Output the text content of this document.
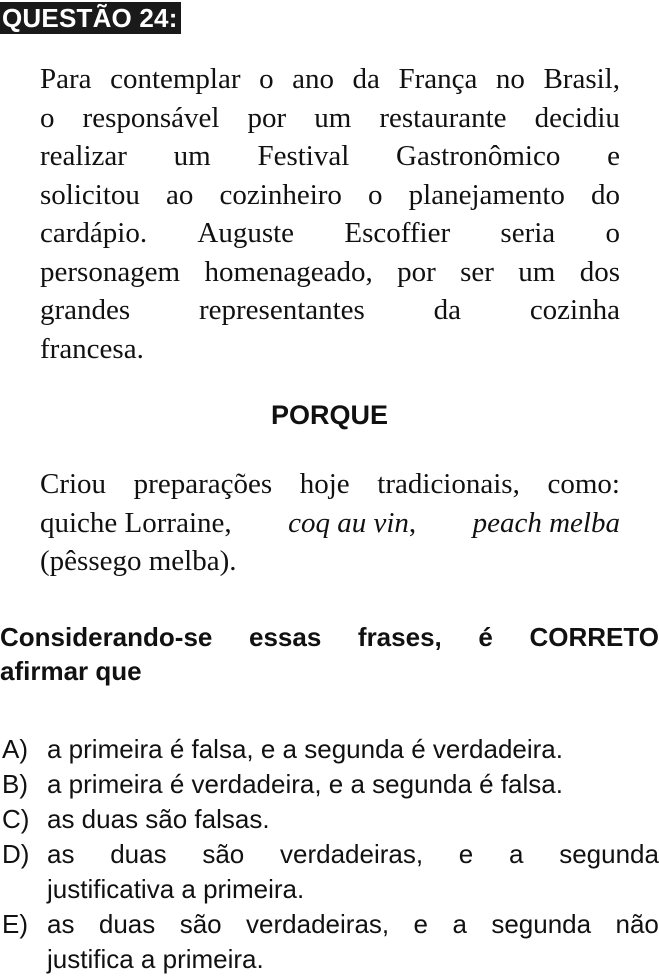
QUESTÃO 24:
Para contemplar o ano da França no Brasil,
o responsável por um restaurante decidiu
realizar um Festival Gastronômico e
solicitou ao cozinheiro o planejamento do
cardápio. Auguste Escoffier seria o
personagem homenageado, por ser um dos
grandes representantes da cozinha
francesa.
PORQUE
Criou preparações hoje tradicionais, como:
quiche Lorraine, coq au vin, peach melba
(pêssego melba).
Considerando-se essas frases, é CORRETO
afirmar que
A) a primeira é falsa, e a segunda é verdadeira.
B) a primeira é verdadeira, e a segunda é falsa.
C) as duas são falsas.
D) as duas são verdadeiras, e a segunda
justificativa a primeira.
E) as duas são verdadeiras, e a segunda não
justifica a primeira.
